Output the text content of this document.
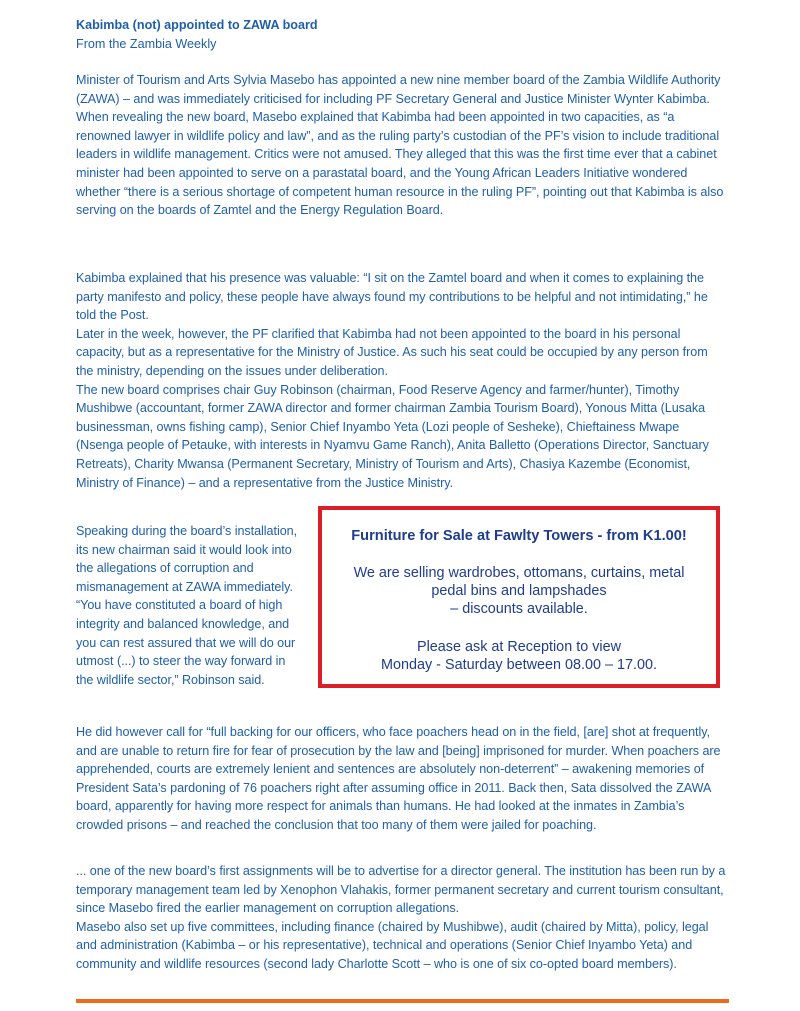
Kabimba (not) appointed to ZAWA board
From the Zambia Weekly

Minister of Tourism and Arts Sylvia Masebo has appointed a new nine member board of the Zambia Wildlife Authority (ZAWA) – and was immediately criticised for including PF Secretary General and Justice Minister Wynter Kabimba.

When revealing the new board, Masebo explained that Kabimba had been appointed in two capacities, as “a renowned lawyer in wildlife policy and law”, and as the ruling party’s custodian of the PF’s vision to include traditional leaders in wildlife management. Critics were not amused. They alleged that this was the first time ever that a cabinet minister had been appointed to serve on a parastatal board, and the Young African Leaders Initiative wondered whether “there is a serious shortage of competent human resource in the ruling PF”, pointing out that Kabimba is also serving on the boards of Zamtel and the Energy Regulation Board.

Kabimba explained that his presence was valuable: “I sit on the Zamtel board and when it comes to explaining the party manifesto and policy, these people have always found my contributions to be helpful and not intimidating,” he told the Post.

Later in the week, however, the PF clarified that Kabimba had not been appointed to the board in his personal capacity, but as a representative for the Ministry of Justice. As such his seat could be occupied by any person from the ministry, depending on the issues under deliberation.

The new board comprises chair Guy Robinson (chairman, Food Reserve Agency and farmer/hunter), Timothy Mushibwe (accountant, former ZAWA director and former chairman Zambia Tourism Board), Yonous Mitta (Lusaka businessman, owns fishing camp), Senior Chief Inyambo Yeta (Lozi people of Sesheke), Chieftainess Mwape (Nsenga people of Petauke, with interests in Nyamvu Game Ranch), Anita Balletto (Operations Director, Sanctuary Retreats), Charity Mwansa (Permanent Secretary, Ministry of Tourism and Arts), Chasiya Kazembe (Economist, Ministry of Finance) – and a representative from the Justice Ministry.

Speaking during the board’s installation, its new chairman said it would look into the allegations of corruption and mismanagement at ZAWA immediately.

“You have constituted a board of high integrity and balanced knowledge, and you can rest assured that we will do our utmost (...) to steer the way forward in the wildlife sector,” Robinson said.

Furniture for Sale at Fawlty Towers - from K1.00!

We are selling wardrobes, ottomans, curtains, metal

pedal bins and lampshades

– discounts available.

Please ask at Reception to view

Monday - Saturday between 08.00 – 17.00.

He did however call for “full backing for our officers, who face poachers head on in the field, [are] shot at frequently, and are unable to return fire for fear of prosecution by the law and [being] imprisoned for murder. When poachers are apprehended, courts are extremely lenient and sentences are absolutely non-deterrent” – awakening memories of President Sata’s pardoning of 76 poachers right after assuming office in 2011. Back then, Sata dissolved the ZAWA board, apparently for having more respect for animals than humans. He had looked at the inmates in Zambia’s crowded prisons – and reached the conclusion that too many of them were jailed for poaching.

... one of the new board’s first assignments will be to advertise for a director general. The institution has been run by a temporary management team led by Xenophon Vlahakis, former permanent secretary and current tourism consultant, since Masebo fired the earlier management on corruption allegations.

Masebo also set up five committees, including finance (chaired by Mushibwe), audit (chaired by Mitta), policy, legal and administration (Kabimba – or his representative), technical and operations (Senior Chief Inyambo Yeta) and community and wildlife resources (second lady Charlotte Scott – who is one of six co-opted board members).
